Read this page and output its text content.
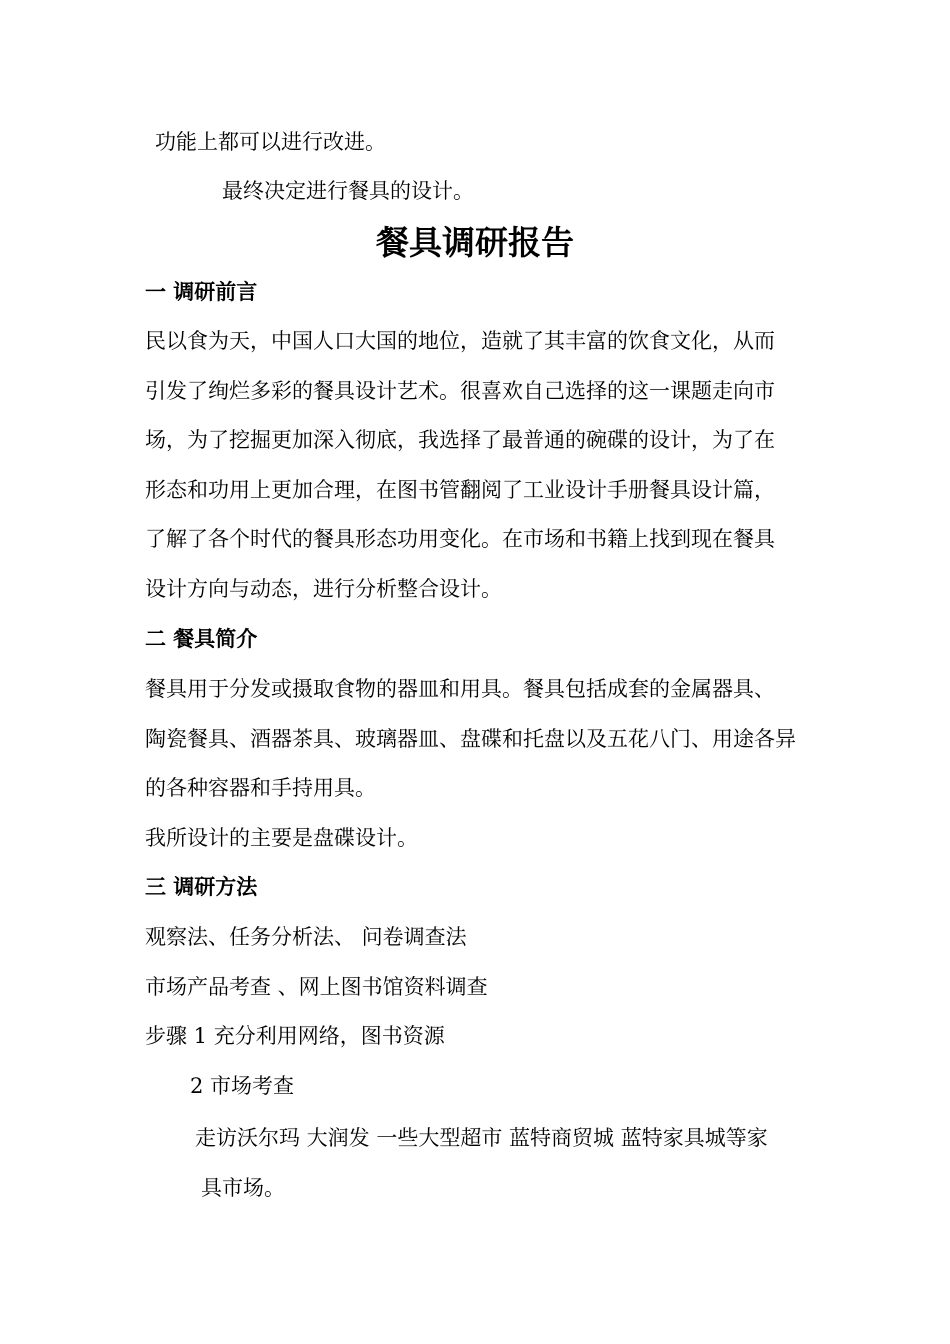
功能上都可以进行改进。

最终决定进行餐具的设计。

餐具调研报告
一 调研前言

民以食为天，中国人口大国的地位，造就了其丰富的饮食文化，从而

引发了绚烂多彩的餐具设计艺术。很喜欢自己选择的这一课题走向市

场，为了挖掘更加深入彻底，我选择了最普通的碗碟的设计，为了在

形态和功用上更加合理，在图书管翻阅了工业设计手册餐具设计篇，

了解了各个时代的餐具形态功用变化。在市场和书籍上找到现在餐具

设计方向与动态，进行分析整合设计。

二 餐具简介

餐具用于分发或摄取食物的器皿和用具。餐具包括成套的金属器具、

陶瓷餐具、酒器茶具、玻璃器皿、盘碟和托盘以及五花八门、用途各异

的各种容器和手持用具。

我所设计的主要是盘碟设计。

三 调研方法

观察法、任务分析法、 问卷调查法

市场产品考查 、网上图书馆资料调查

步骤 1 充分利用网络，图书资源

2 市场考查

走访沃尔玛 大润发 一些大型超市 蓝特商贸城 蓝特家具城等家

具市场。
